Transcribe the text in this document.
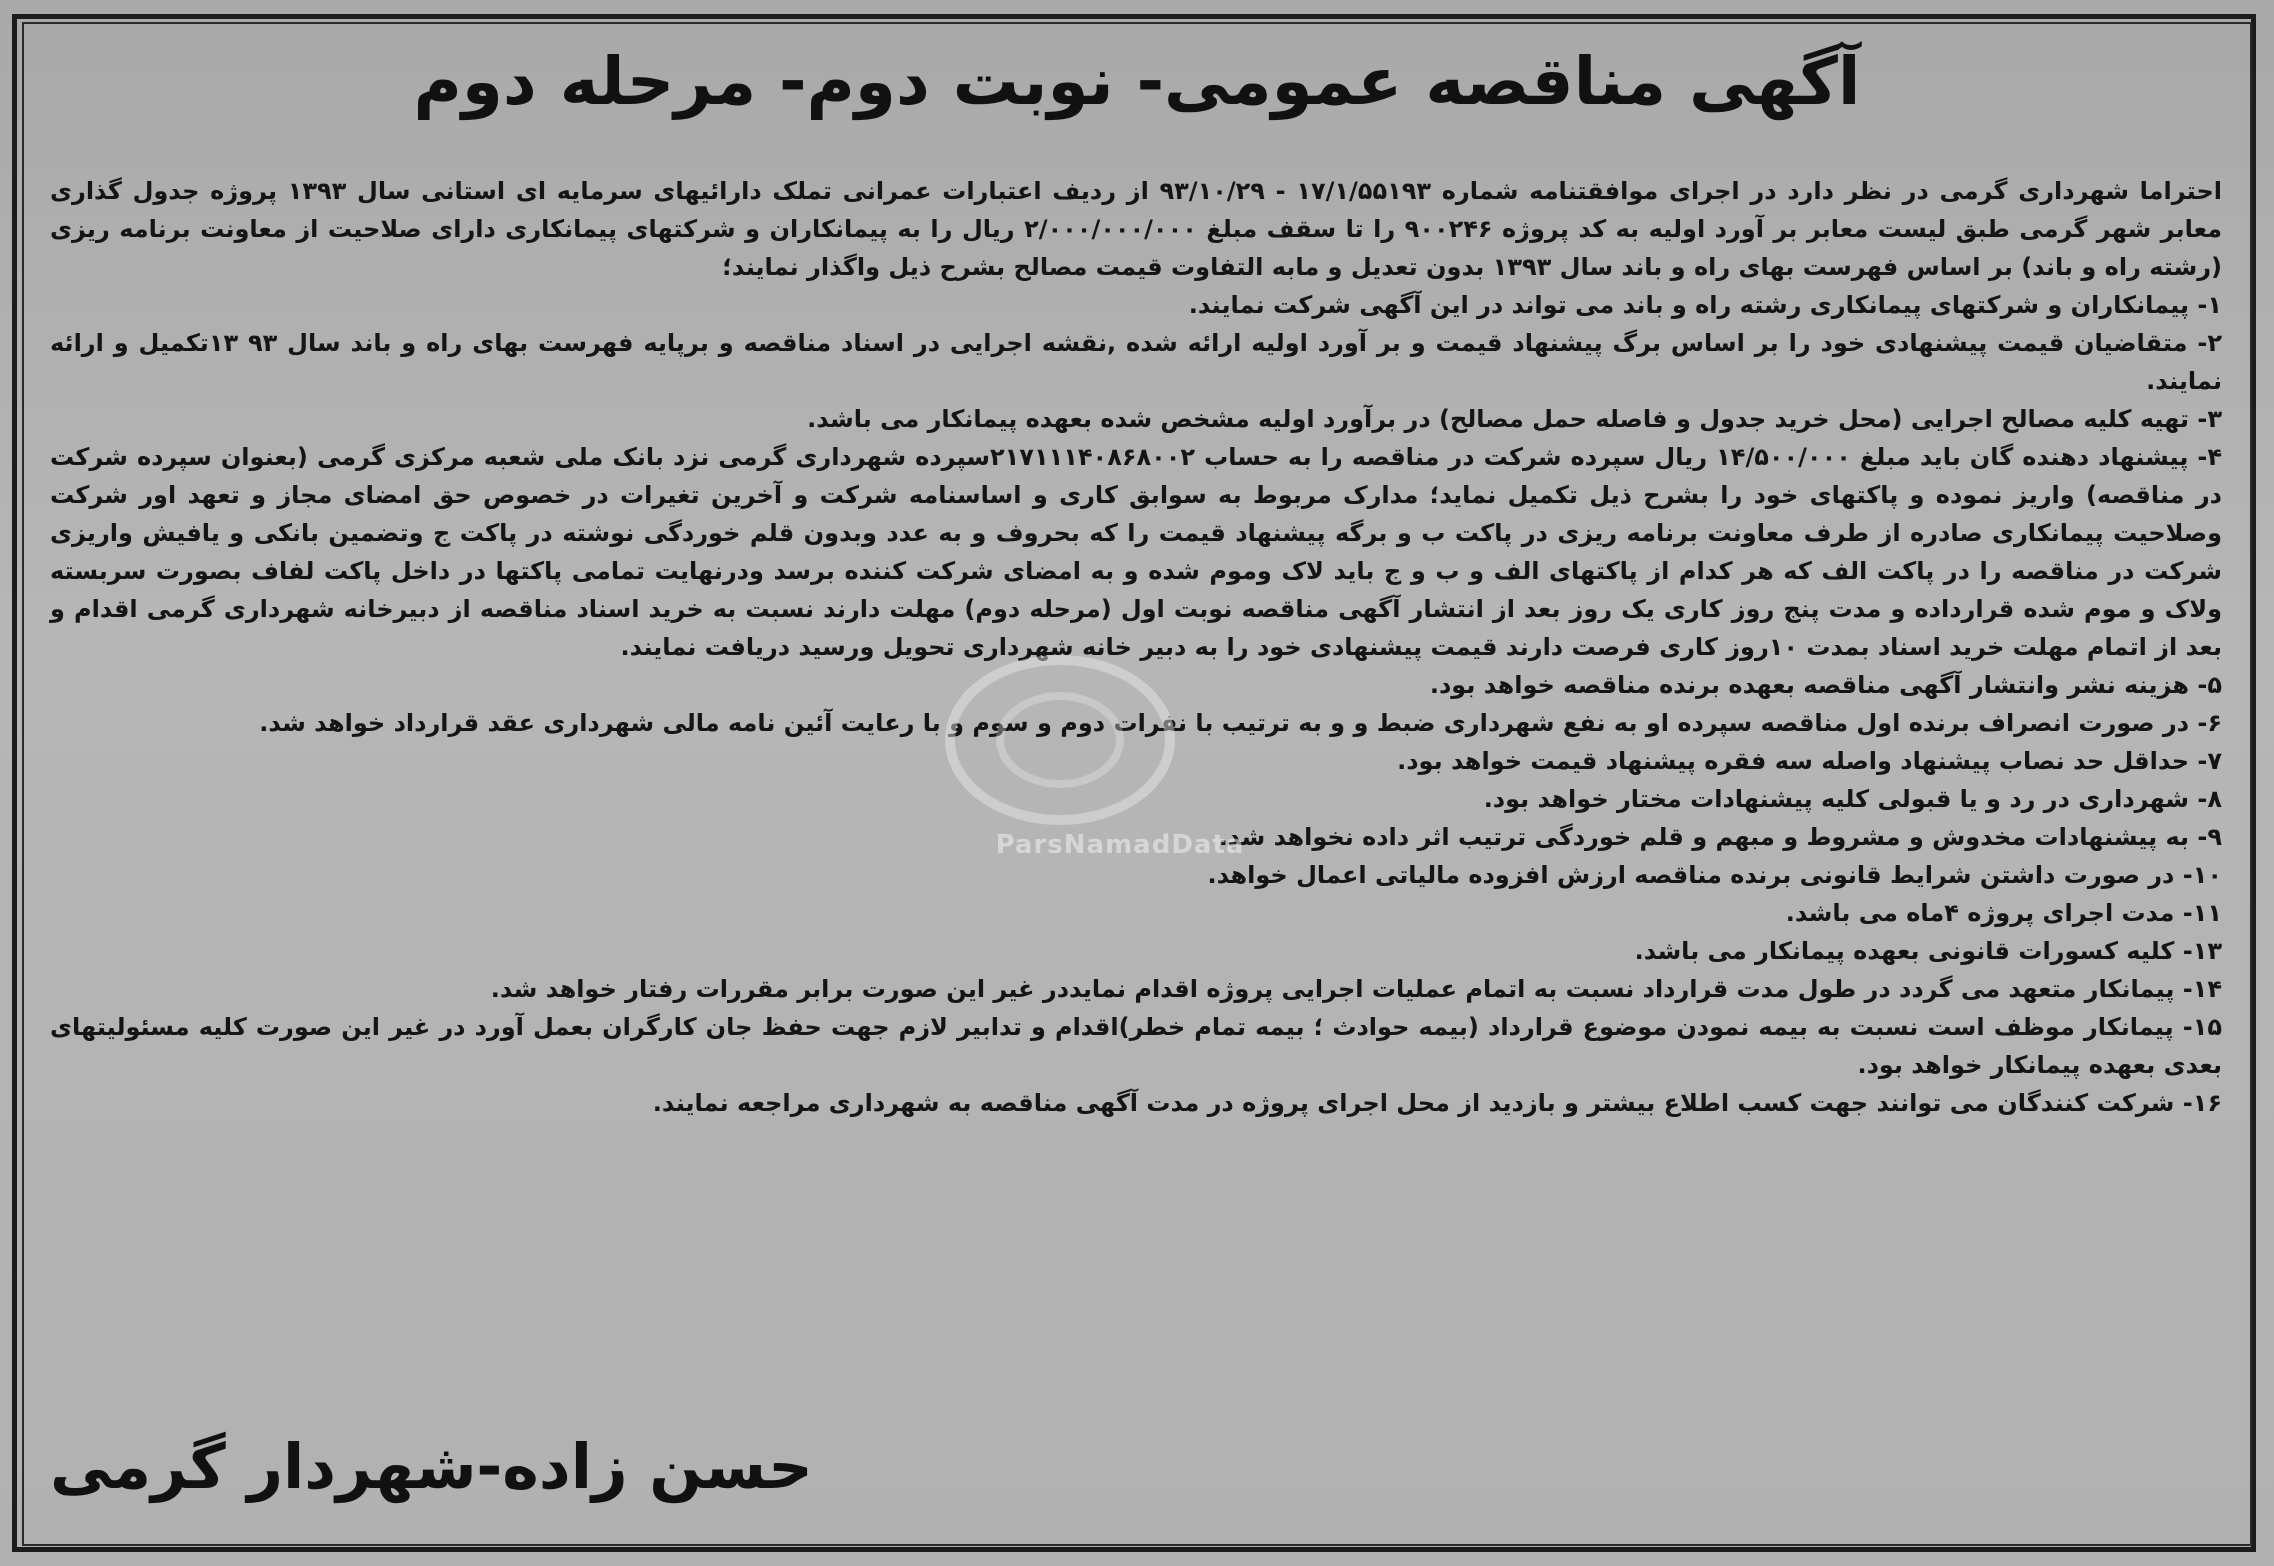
آگهی مناقصه عمومی- نوبت دوم- مرحله دوم

احتراما شهرداری گرمی در نظر دارد در اجرای موافقتنامه شماره ۱۷/۱/۵۵۱۹۳ - ۹۳/۱۰/۲۹ از ردیف اعتبارات عمرانی تملک دارائیهای سرمایه ای استانی سال ۱۳۹۳ پروژه جدول گذاری معابر شهر گرمی طبق لیست معابر بر آورد اولیه به کد پروژه ۹۰۰۲۴۶ را تا سقف مبلغ ۲/۰۰۰/۰۰۰/۰۰۰ ریال را به پیمانکاران و شرکتهای پیمانکاری دارای صلاحیت از معاونت برنامه ریزی (رشته راه و باند) بر اساس فهرست بهای راه و باند سال ۱۳۹۳ بدون تعدیل و مابه التفاوت قیمت مصالح بشرح ذیل واگذار نمایند؛

۱- پیمانکاران و شرکتهای پیمانکاری رشته راه و باند می تواند در این آگهی شرکت نمایند.

۲- متقاضیان قیمت پیشنهادی خود را بر اساس برگ پیشنهاد قیمت و بر آورد اولیه ارائه شده ,نقشه اجرایی در اسناد مناقصه و برپایه فهرست بهای راه و باند سال ۹۳ ۱۳تکمیل و ارائه نمایند.

۳- تهیه کلیه مصالح اجرایی (محل خرید جدول و فاصله حمل مصالح) در برآورد اولیه مشخص شده بعهده پیمانکار می باشد.

۴- پیشنهاد دهنده گان باید مبلغ ۱۴/۵۰۰/۰۰۰ ریال سپرده شرکت در مناقصه را به حساب ۲۱۷۱۱۱۴۰۸۶۸۰۰۲سپرده شهرداری گرمی نزد بانک ملی شعبه مرکزی گرمی (بعنوان سپرده شرکت در مناقصه) واریز نموده و پاکتهای خود را بشرح ذیل تکمیل نماید؛ مدارک مربوط به سوابق کاری و اساسنامه شرکت و آخرین تغیرات در خصوص حق امضای مجاز و تعهد اور شرکت وصلاحیت پیمانکاری صادره از طرف معاونت برنامه ریزی در پاکت ب و برگه پیشنهاد قیمت را که بحروف و به عدد وبدون قلم خوردگی نوشته در پاکت ج وتضمین بانکی و یافیش واریزی شرکت در مناقصه را در پاکت الف که هر کدام از پاکتهای الف و ب و ج باید لاک وموم شده و به امضای شرکت کننده برسد ودرنهایت تمامی پاکتها در داخل پاکت لفاف بصورت سربسته ولاک و موم شده قرارداده و مدت پنج روز کاری یک روز بعد از انتشار آگهی مناقصه نوبت اول (مرحله دوم) مهلت دارند نسبت به خرید اسناد مناقصه از دبیرخانه شهرداری گرمی اقدام و بعد از اتمام مهلت خرید اسناد بمدت ۱۰روز کاری فرصت دارند قیمت پیشنهادی خود را به دبیر خانه شهرداری تحویل ورسید دریافت نمایند.

۵- هزینه نشر وانتشار آگهی مناقصه بعهده برنده مناقصه خواهد بود.

۶- در صورت انصراف برنده اول مناقصه سپرده او به نفع شهرداری ضبط و و به ترتیب با نفرات دوم و سوم و با رعایت آئین نامه مالی شهرداری عقد قرارداد خواهد شد.

۷- حداقل حد نصاب پیشنهاد واصله سه فقره پیشنهاد قیمت خواهد بود.

۸- شهرداری در رد و یا قبولی کلیه پیشنهادات مختار خواهد بود.

۹- به پیشنهادات مخدوش و مشروط و مبهم و قلم خوردگی ترتیب اثر داده نخواهد شد.

۱۰- در صورت داشتن شرایط قانونی برنده مناقصه ارزش افزوده مالیاتی اعمال خواهد.

۱۱- مدت اجرای پروژه ۴ماه می باشد.

۱۳- کلیه کسورات قانونی بعهده پیمانکار می باشد.

۱۴- پیمانکار متعهد می گردد در طول مدت قرارداد نسبت به اتمام عملیات اجرایی پروژه اقدام نمایددر غیر این صورت برابر مقررات رفتار خواهد شد.

۱۵- پیمانکار موظف است نسبت به بیمه نمودن موضوع قرارداد (بیمه حوادث ؛ بیمه تمام خطر)اقدام و تدابیر لازم جهت حفظ جان کارگران بعمل آورد در غیر این صورت کلیه مسئولیتهای بعدی بعهده پیمانکار خواهد بود.

۱۶- شرکت کنندگان می توانند جهت کسب اطلاع بیشتر و بازدید از محل اجرای پروژه در مدت آگهی مناقصه به شهرداری مراجعه نمایند.

ParsNamadData
حسن زاده-شهردار گرمی
